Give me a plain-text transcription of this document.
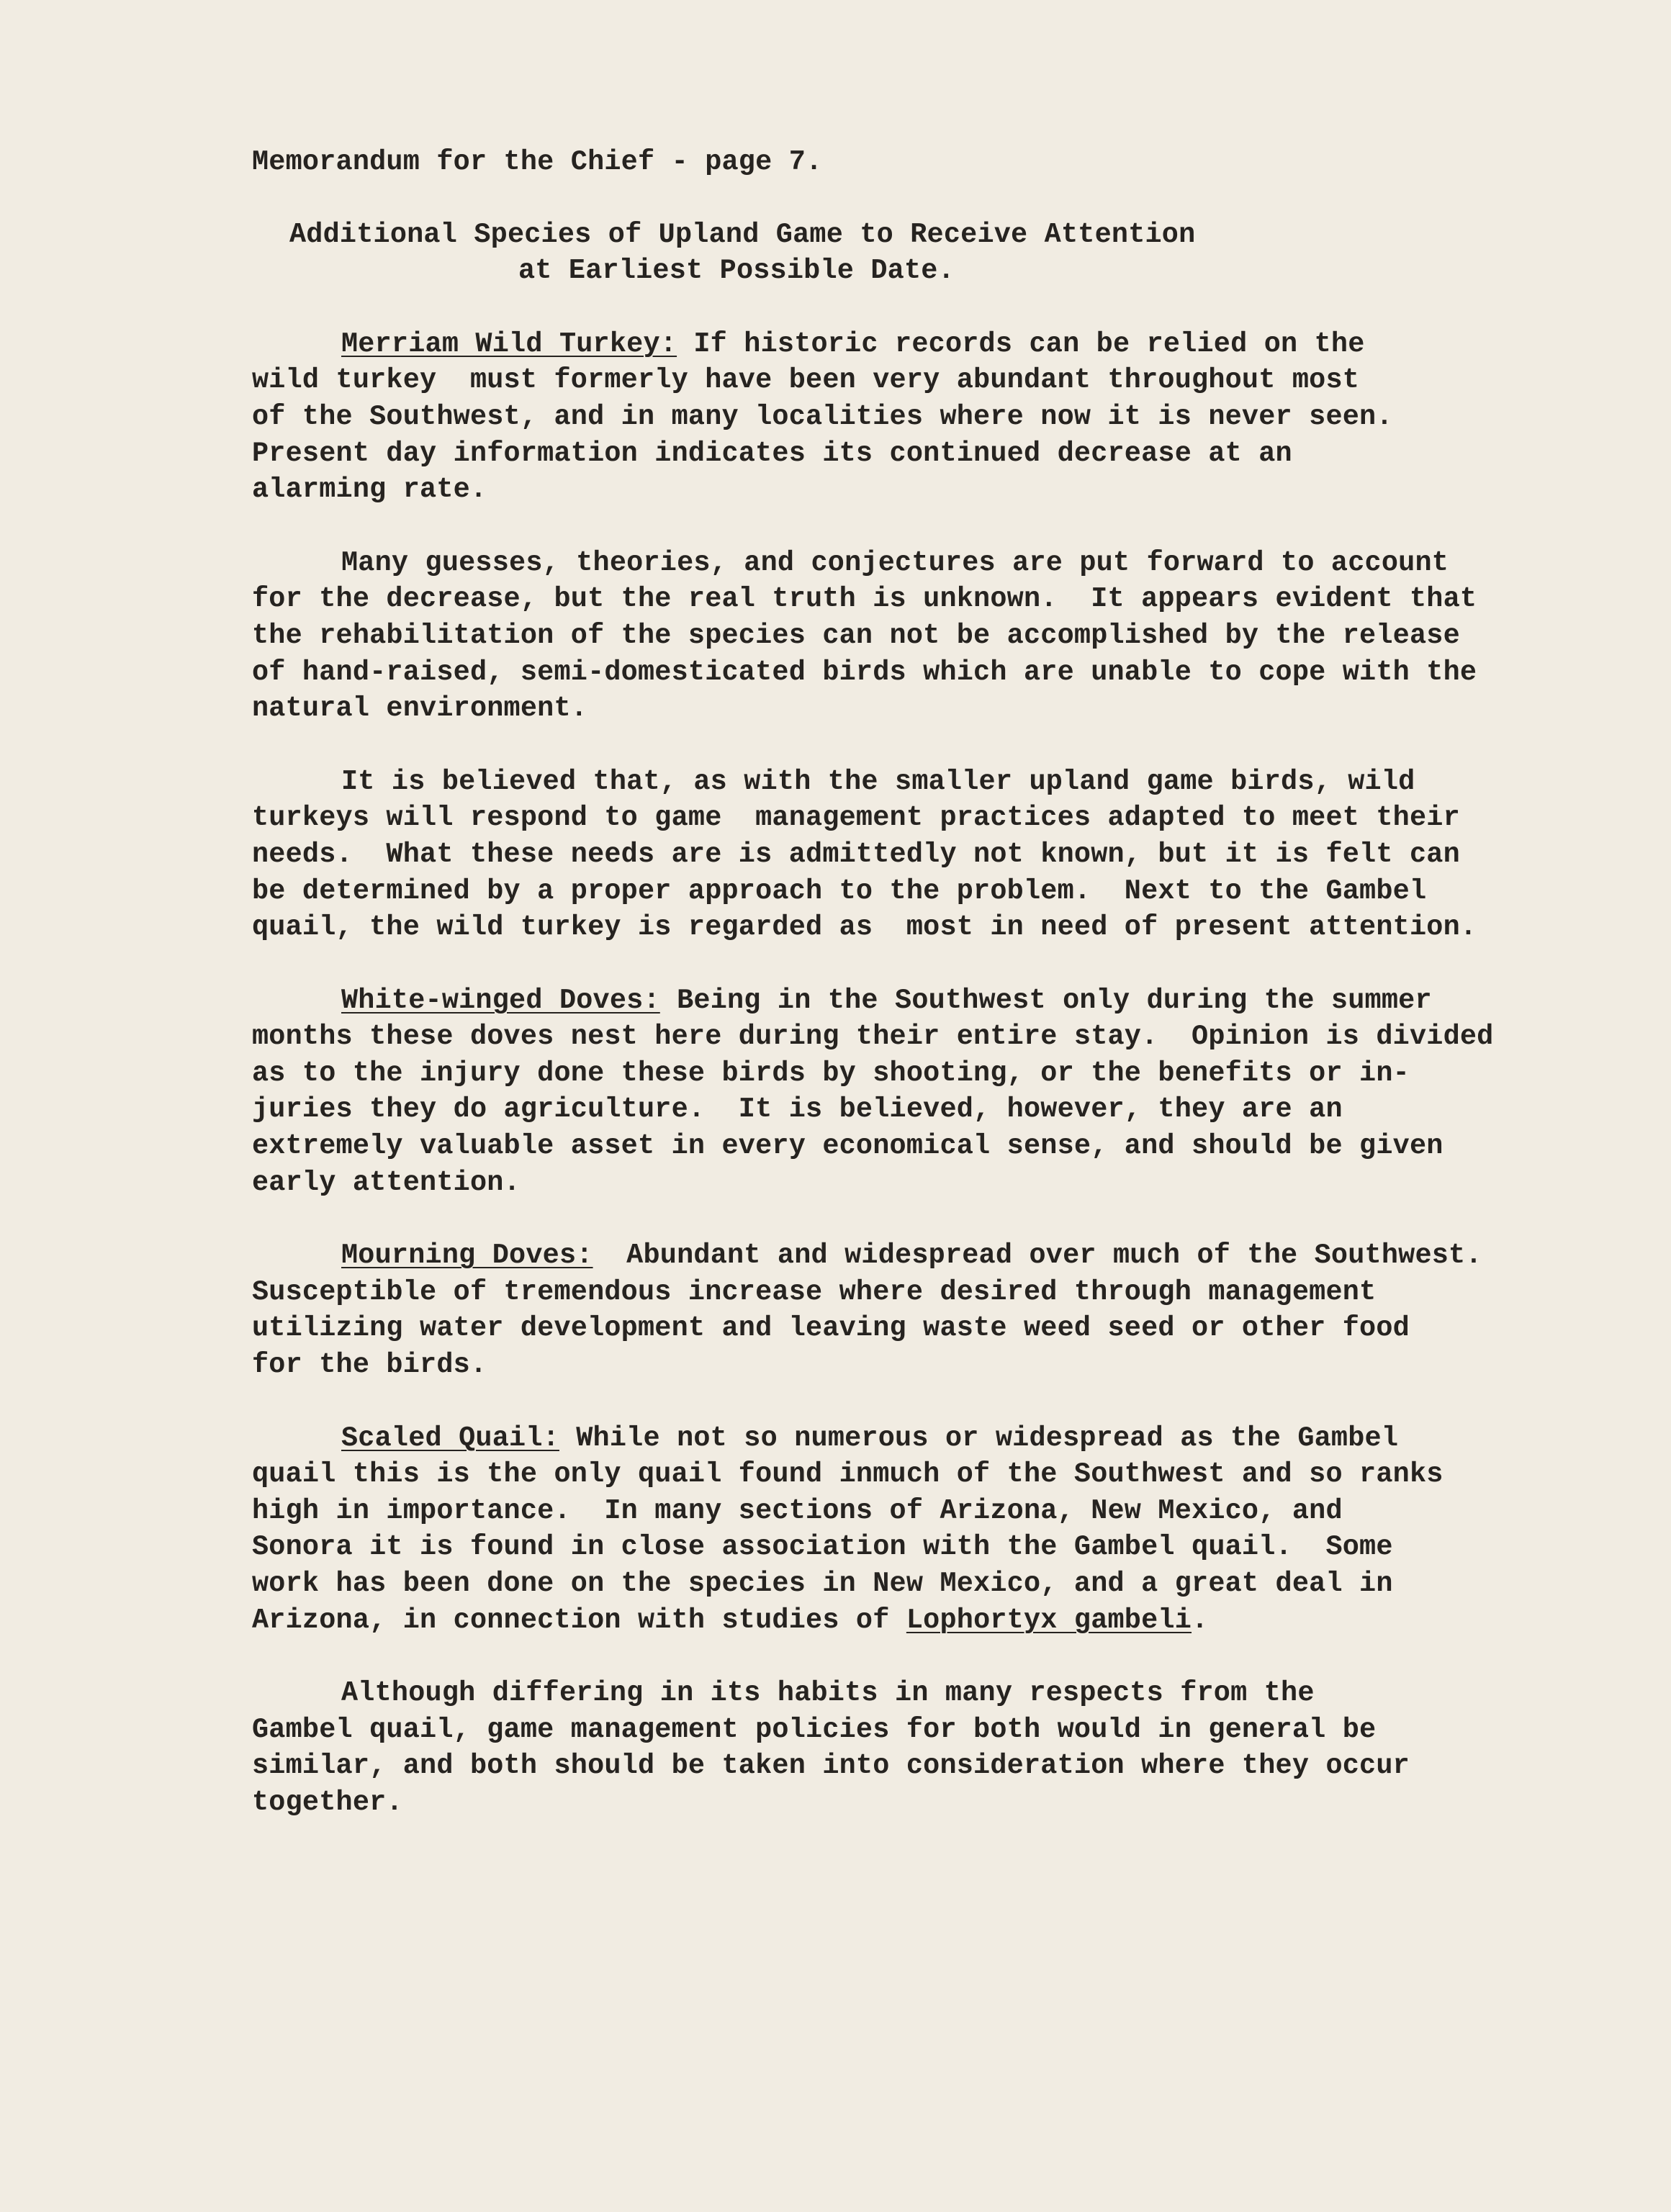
Memorandum for the Chief - page 7.
Additional Species of Upland Game to Receive Attention
at Earliest Possible Date.
Merriam Wild Turkey: If historic records can be relied on the
wild turkey  must formerly have been very abundant throughout most
of the Southwest, and in many localities where now it is never seen.
Present day information indicates its continued decrease at an
alarming rate.
Many guesses, theories, and conjectures are put forward to account
for the decrease, but the real truth is unknown.  It appears evident that
the rehabilitation of the species can not be accomplished by the release
of hand-raised, semi-domesticated birds which are unable to cope with the
natural environment.
It is believed that, as with the smaller upland game birds, wild
turkeys will respond to game  management practices adapted to meet their
needs.  What these needs are is admittedly not known, but it is felt can
be determined by a proper approach to the problem.  Next to the Gambel
quail, the wild turkey is regarded as  most in need of present attention.
White-winged Doves: Being in the Southwest only during the summer
months these doves nest here during their entire stay.  Opinion is divided
as to the injury done these birds by shooting, or the benefits or in-
juries they do agriculture.  It is believed, however, they are an
extremely valuable asset in every economical sense, and should be given
early attention.
Mourning Doves:  Abundant and widespread over much of the Southwest.
Susceptible of tremendous increase where desired through management
utilizing water development and leaving waste weed seed or other food
for the birds.
Scaled Quail: While not so numerous or widespread as the Gambel
quail this is the only quail found inmuch of the Southwest and so ranks
high in importance.  In many sections of Arizona, New Mexico, and
Sonora it is found in close association with the Gambel quail.  Some
work has been done on the species in New Mexico, and a great deal in
Arizona, in connection with studies of Lophortyx gambeli.
Although differing in its habits in many respects from the
Gambel quail, game management policies for both would in general be
similar, and both should be taken into consideration where they occur
together.
